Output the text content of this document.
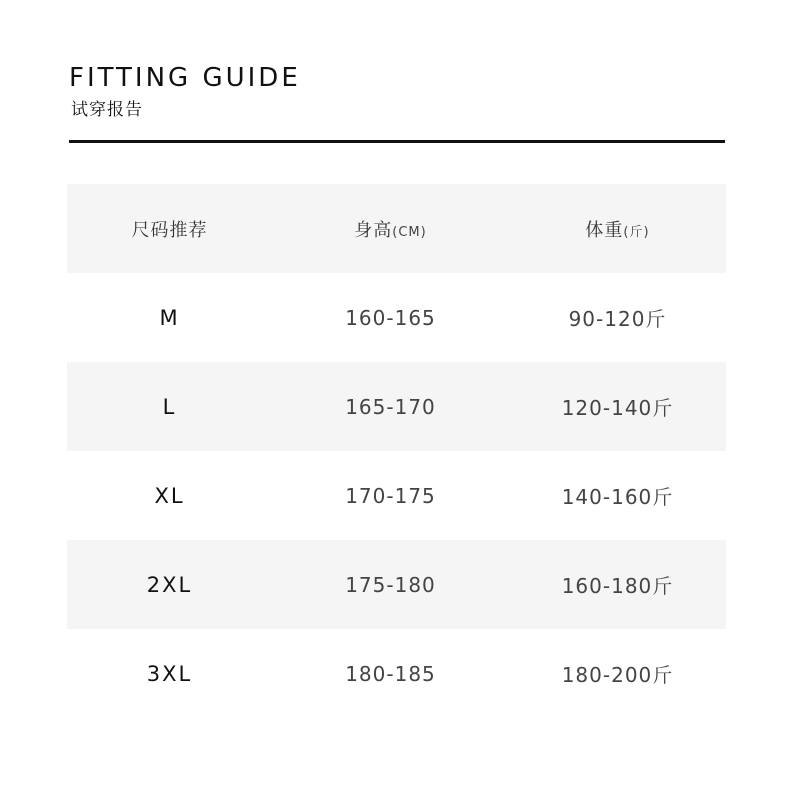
FITTING GUIDE
试穿报告
尺码推荐	身高(CM)	体重(斤)
M	160-165	90-120斤
L	165-170	120-140斤
XL	170-175	140-160斤
2XL	175-180	160-180斤
3XL	180-185	180-200斤
